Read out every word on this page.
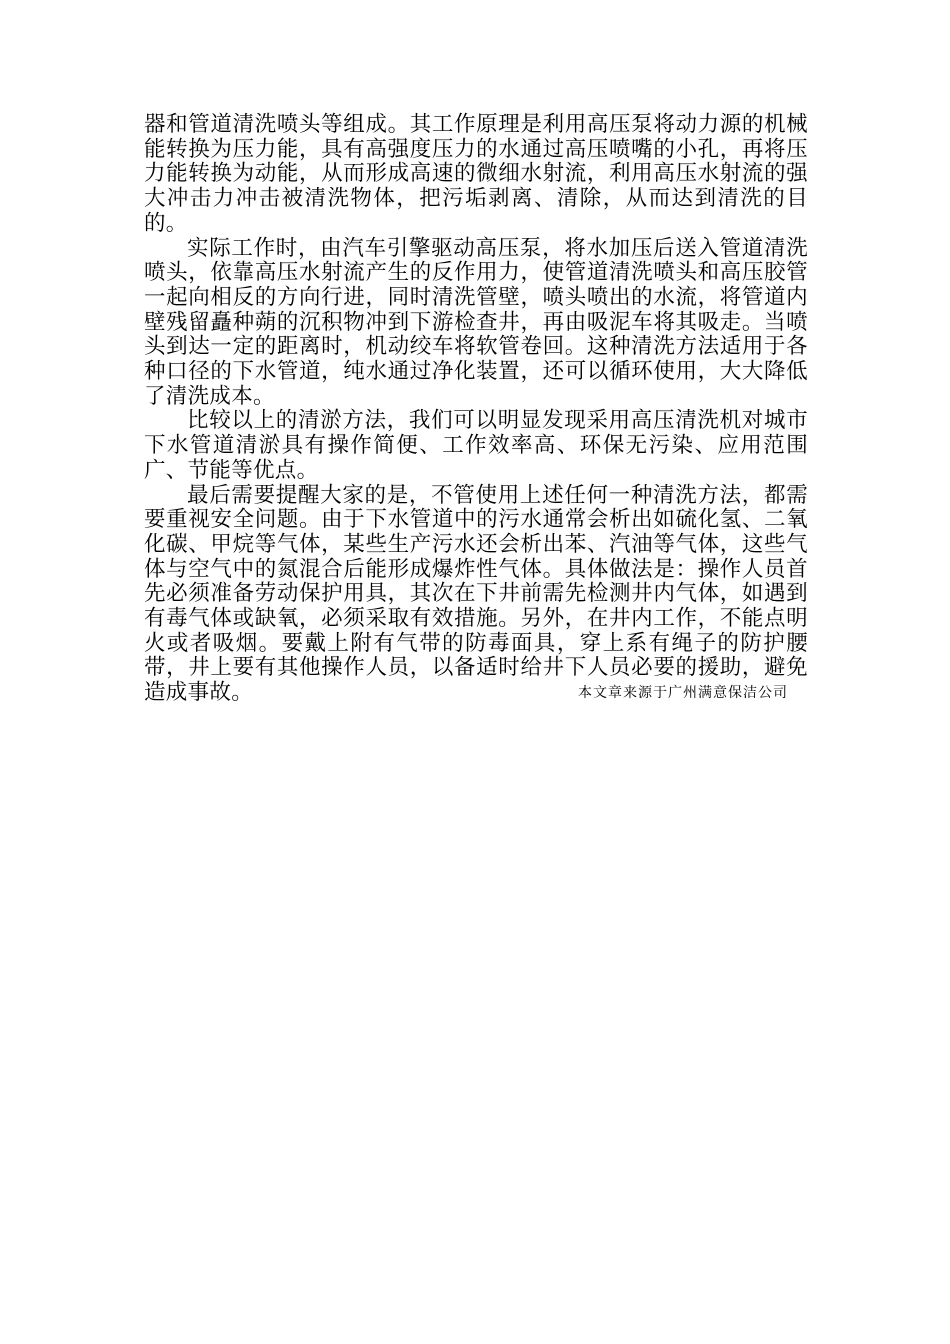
器和管道清洗喷头等组成。其工作原理是利用高压泵将动力源的机械能转换为压力能，具有高强度压力的水通过高压喷嘴的小孔，再将压力能转换为动能，从而形成高速的微细水射流，利用高压水射流的强大冲击力冲击被清洗物体，把污垢剥离、清除，从而达到清洗的目的。

实际工作时，由汽车引擎驱动高压泵，将水加压后送入管道清洗喷头，依靠高压水射流产生的反作用力，使管道清洗喷头和高压胶管一起向相反的方向行进，同时清洗管壁，喷头喷出的水流，将管道内壁残留矗种蒴的沉积物冲到下游检查井，再由吸泥车将其吸走。当喷头到达一定的距离时，机动绞车将软管卷回。这种清洗方法适用于各种口径的下水管道，纯水通过净化装置，还可以循环使用，大大降低了清洗成本。

比较以上的清淤方法，我们可以明显发现采用高压清洗机对城市下水管道清淤具有操作简便、工作效率高、环保无污染、应用范围广、节能等优点。

最后需要提醒大家的是，不管使用上述任何一种清洗方法，都需要重视安全问题。由于下水管道中的污水通常会析出如硫化氢、二氧化碳、甲烷等气体，某些生产污水还会析出苯、汽油等气体，这些气体与空气中的氮混合后能形成爆炸性气体。具体做法是：操作人员首先必须准备劳动保护用具，其次在下井前需先检测井内气体，如遇到有毒气体或缺氧，必须采取有效措施。另外，在井内工作，不能点明火或者吸烟。要戴上附有气带的防毒面具，穿上系有绳子的防护腰带，井上要有其他操作人员，以备适时给井下人员必要的援助，避免造成事故。	本文章来源于广州满意保洁公司
